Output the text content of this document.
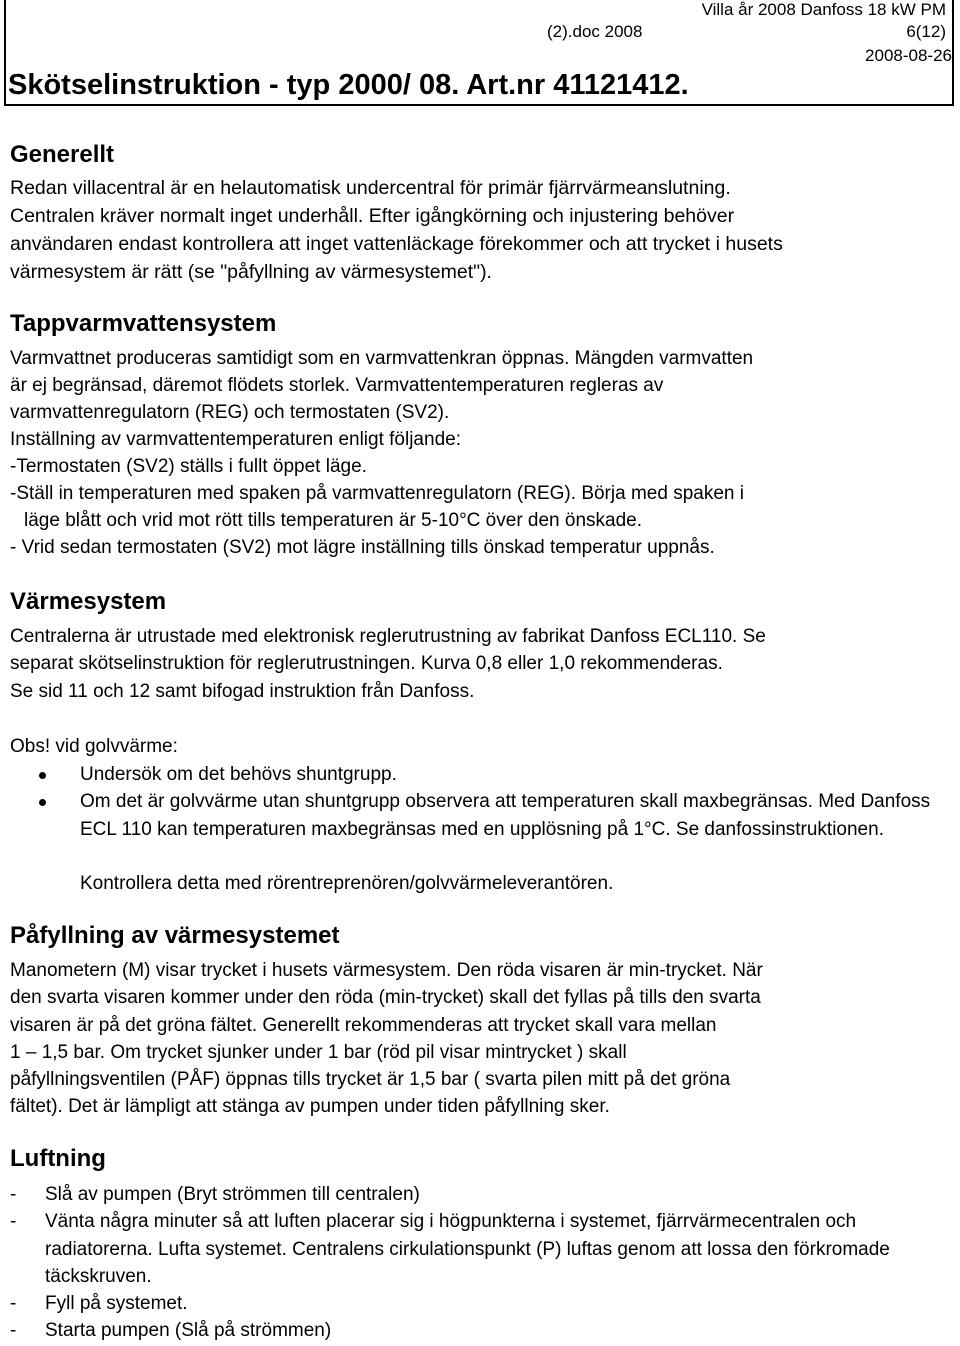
Villa år 2008 Danfoss 18 kW PM
(2).doc 2008	6(12)
2008-08-26
Skötselinstruktion - typ 2000/ 08. Art.nr 41121412.
Generellt
Redan villacentral är en helautomatisk undercentral för primär fjärrvärmeanslutning.
Centralen kräver normalt inget underhåll. Efter igångkörning och injustering behöver
användaren endast kontrollera att inget vattenläckage förekommer och att trycket i husets
värmesystem är rätt (se "påfyllning av värmesystemet").
Tappvarmvattensystem
Varmvattnet produceras samtidigt som en varmvattenkran öppnas. Mängden varmvatten
är ej begränsad, däremot flödets storlek. Varmvattentemperaturen regleras av
varmvattenregulatorn (REG) och termostaten (SV2).
Inställning av varmvattentemperaturen enligt följande:
-Termostaten (SV2) ställs i fullt öppet läge.
-Ställ in temperaturen med spaken på varmvattenregulatorn (REG). Börja med spaken i
läge blått och vrid mot rött tills temperaturen är 5-10°C över den önskade.
- Vrid sedan termostaten (SV2) mot lägre inställning tills önskad temperatur uppnås.
Värmesystem
Centralerna är utrustade med elektronisk reglerutrustning av fabrikat Danfoss ECL110. Se
separat skötselinstruktion för reglerutrustningen. Kurva 0,8 eller 1,0 rekommenderas.
Se sid 11 och 12 samt bifogad instruktion från Danfoss.
Obs! vid golvvärme:
Undersök om det behövs shuntgrupp.
Om det är golvvärme utan shuntgrupp observera att temperaturen skall maxbegränsas. Med Danfoss ECL 110 kan temperaturen maxbegränsas med en upplösning på 1°C. Se danfossinstruktionen.
Kontrollera detta med rörentreprenören/golvvärmeleverantören.
Påfyllning av värmesystemet
Manometern (M) visar trycket i husets värmesystem. Den röda visaren är min-trycket. När
den svarta visaren kommer under den röda (min-trycket) skall det fyllas på tills den svarta
visaren är på det gröna fältet. Generellt rekommenderas att trycket skall vara mellan
1 – 1,5 bar. Om trycket sjunker under 1 bar (röd pil visar mintrycket ) skall
påfyllningsventilen (PÅF) öppnas tills trycket är 1,5 bar ( svarta pilen mitt på det gröna
fältet). Det är lämpligt att stänga av pumpen under tiden påfyllning sker.
Luftning
- Slå av pumpen (Bryt strömmen till centralen)
- Vänta några minuter så att luften placerar sig i högpunkterna i systemet, fjärrvärmecentralen och radiatorerna. Lufta systemet. Centralens cirkulationspunkt (P) luftas genom att lossa den förkromade täckskruven.
- Fyll på systemet.
- Starta pumpen (Slå på strömmen)
